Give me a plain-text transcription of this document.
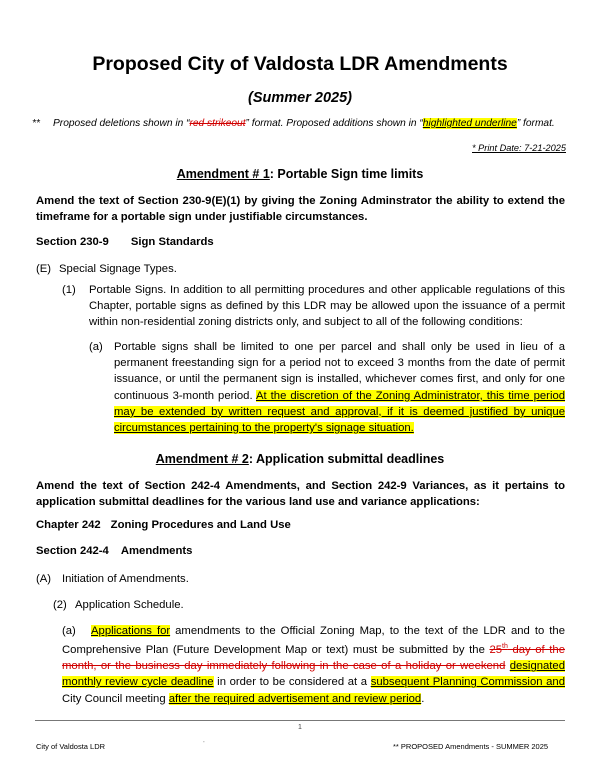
Proposed City of Valdosta LDR Amendments
(Summer 2025)
** Proposed deletions shown in “red strikeout” format. Proposed additions shown in “highlighted underline” format.
* Print Date: 7-21-2025
Amendment # 1: Portable Sign time limits
Amend the text of Section 230-9(E)(1) by giving the Zoning Adminstrator the ability to extend the timeframe for a portable sign under justifiable circumstances.
Section 230-9 Sign Standards
(E) Special Signage Types.
(1)	Portable Signs. In addition to all permitting procedures and other applicable regulations of this Chapter, portable signs as defined by this LDR may be allowed upon the issuance of a permit within non-residential zoning districts only, and subject to all of the following conditions:
(a) Portable signs shall be limited to one per parcel and shall only be used in lieu of a permanent freestanding sign for a period not to exceed 3 months from the date of permit issuance, or until the permanent sign is installed, whichever comes first, and only for one continuous 3-month period. At the discretion of the Zoning Administrator, this time period may be extended by written request and approval, if it is deemed justified by unique circumstances pertaining to the property's signage situation.
Amendment # 2: Application submittal deadlines
Amend the text of Section 242-4 Amendments, and Section 242-9 Variances, as it pertains to application submittal deadlines for the various land use and variance applications:
Chapter 242 Zoning Procedures and Land Use
Section 242-4 Amendments
(A) Initiation of Amendments.
(2) Application Schedule.
(a) Applications for amendments to the Official Zoning Map, to the text of the LDR and to the Comprehensive Plan (Future Development Map or text) must be submitted by the 25th day of the month, or the business day immediately following in the case of a holiday or weekend designated monthly review cycle deadline in order to be considered at a subsequent Planning Commission and City Council meeting after the required advertisement and review period.
1
City of Valdosta LDR	˙	** PROPOSED Amendments - SUMMER 2025
